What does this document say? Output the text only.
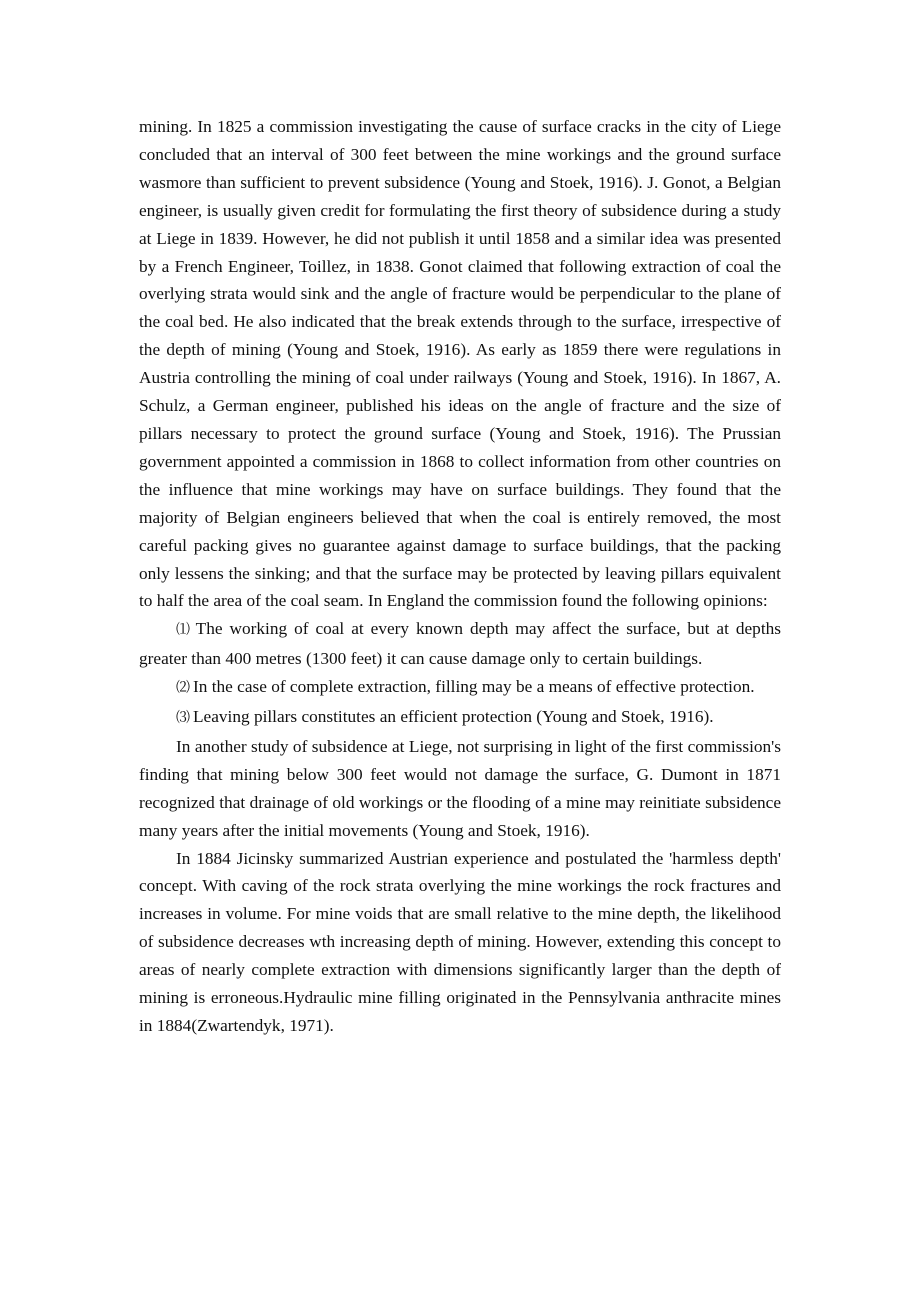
mining. In 1825 a commission investigating the cause of surface cracks in the city of Liege concluded that an interval of 300 feet between the mine workings and the ground surface wasmore than sufficient to prevent subsidence (Young and Stoek, 1916). J. Gonot, a Belgian engineer, is usually given credit for formulating the first theory of subsidence during a study at Liege in 1839. However, he did not publish it until 1858 and a similar idea was presented by a French Engineer, Toillez, in 1838. Gonot claimed that following extraction of coal the overlying strata would sink and the angle of fracture would be perpendicular to the plane of the coal bed. He also indicated that the break extends through to the surface, irrespective of the depth of mining (Young and Stoek, 1916). As early as 1859 there were regulations in Austria controlling the mining of coal under railways (Young and Stoek, 1916). In 1867, A. Schulz, a German engineer, published his ideas on the angle of fracture and the size of pillars necessary to protect the ground surface (Young and Stoek, 1916). The Prussian government appointed a commission in 1868 to collect information from other countries on the influence that mine workings may have on surface buildings. They found that the majority of Belgian engineers believed that when the coal is entirely removed, the most careful packing gives no guarantee against damage to surface buildings, that the packing only lessens the sinking; and that the surface may be protected by leaving pillars equivalent to half the area of the coal seam. In England the commission found the following opinions:

⑴ The working of coal at every known depth may affect the surface, but at depths greater than 400 metres (1300 feet) it can cause damage only to certain buildings.

⑵ In the case of complete extraction, filling may be a means of effective protection.

⑶ Leaving pillars constitutes an efficient protection (Young and Stoek, 1916).

In another study of subsidence at Liege, not surprising in light of the first commission's finding that mining below 300 feet would not damage the surface, G. Dumont in 1871 recognized that drainage of old workings or the flooding of a mine may reinitiate subsidence many years after the initial movements (Young and Stoek, 1916).

In 1884 Jicinsky summarized Austrian experience and postulated the 'harmless depth' concept. With caving of the rock strata overlying the mine workings the rock fractures and increases in volume. For mine voids that are small relative to the mine depth, the likelihood of subsidence decreases wth increasing depth of mining. However, extending this concept to areas of nearly complete extraction with dimensions significantly larger than the depth of mining is erroneous.Hydraulic mine filling originated in the Pennsylvania anthracite mines in 1884(Zwartendyk, 1971).
